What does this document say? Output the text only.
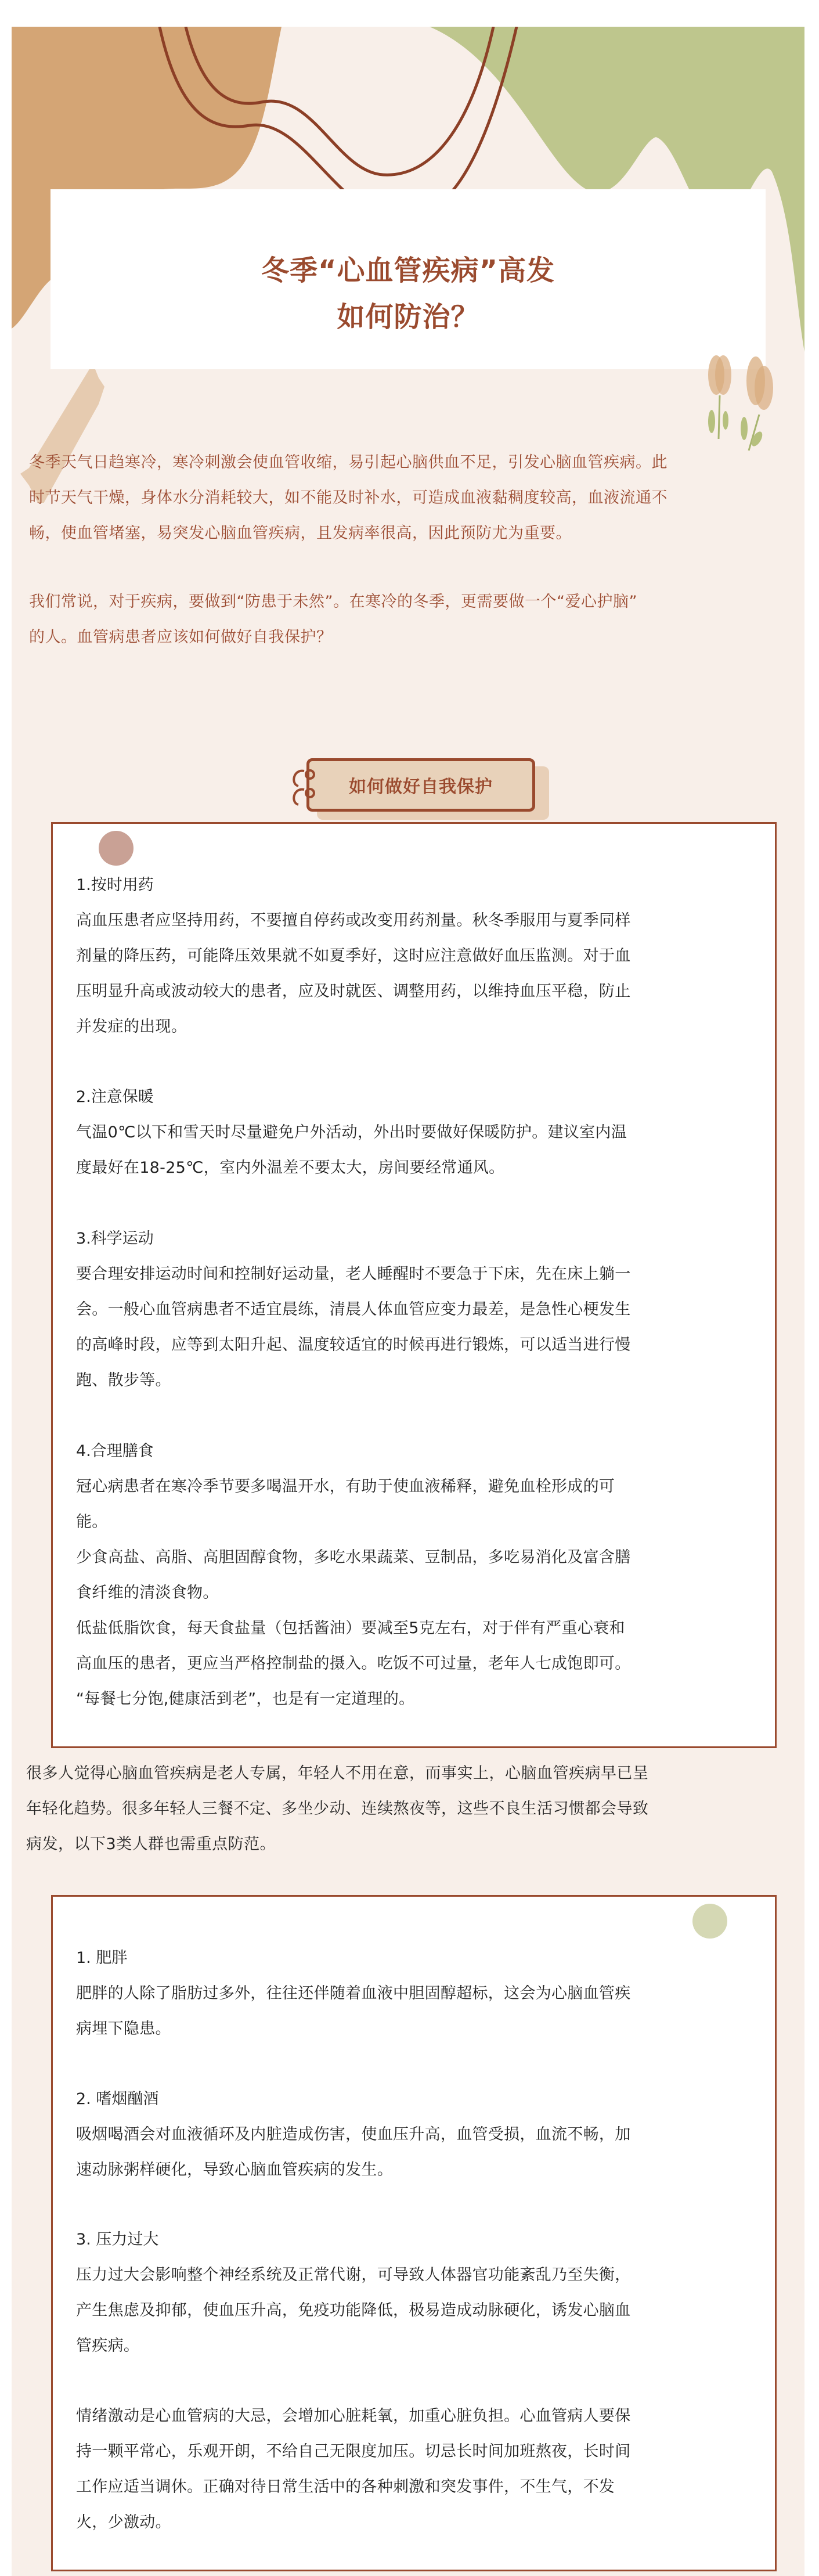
冬季“心血管疾病”高发
如何防治？
冬季天气日趋寒冷，寒冷刺激会使血管收缩，易引起心脑供血不足，引发心脑血管疾病。此
时节天气干燥，身体水分消耗较大，如不能及时补水，可造成血液黏稠度较高，血液流通不
畅，使血管堵塞，易突发心脑血管疾病，且发病率很高，因此预防尤为重要。
我们常说，对于疾病，要做到“防患于未然”。在寒冷的冬季，更需要做一个“爱心护脑”
的人。血管病患者应该如何做好自我保护？
如何做好自我保护
1.按时用药
高血压患者应坚持用药，不要擅自停药或改变用药剂量。秋冬季服用与夏季同样
剂量的降压药，可能降压效果就不如夏季好，这时应注意做好血压监测。对于血
压明显升高或波动较大的患者，应及时就医、调整用药，以维持血压平稳，防止
并发症的出现。
2.注意保暖
气温0℃以下和雪天时尽量避免户外活动，外出时要做好保暖防护。建议室内温
度最好在18-25℃，室内外温差不要太大，房间要经常通风。
3.科学运动
要合理安排运动时间和控制好运动量，老人睡醒时不要急于下床，先在床上躺一
会。一般心血管病患者不适宜晨练，清晨人体血管应变力最差，是急性心梗发生
的高峰时段，应等到太阳升起、温度较适宜的时候再进行锻炼，可以适当进行慢
跑、散步等。
4.合理膳食
冠心病患者在寒冷季节要多喝温开水，有助于使血液稀释，避免血栓形成的可
能。
少食高盐、高脂、高胆固醇食物，多吃水果蔬菜、豆制品，多吃易消化及富含膳
食纤维的清淡食物。
低盐低脂饮食，每天食盐量（包括酱油）要减至5克左右，对于伴有严重心衰和
高血压的患者，更应当严格控制盐的摄入。吃饭不可过量，老年人七成饱即可。
“每餐七分饱,健康活到老”，也是有一定道理的。
很多人觉得心脑血管疾病是老人专属，年轻人不用在意，而事实上，心脑血管疾病早已呈
年轻化趋势。很多年轻人三餐不定、多坐少动、连续熬夜等，这些不良生活习惯都会导致
病发，以下3类人群也需重点防范。
1. 肥胖
肥胖的人除了脂肪过多外，往往还伴随着血液中胆固醇超标，这会为心脑血管疾
病埋下隐患。
2. 嗜烟酗酒
吸烟喝酒会对血液循环及内脏造成伤害，使血压升高，血管受损，血流不畅，加
速动脉粥样硬化，导致心脑血管疾病的发生。
3. 压力过大
压力过大会影响整个神经系统及正常代谢，可导致人体器官功能紊乱乃至失衡，
产生焦虑及抑郁，使血压升高，免疫功能降低，极易造成动脉硬化，诱发心脑血
管疾病。
情绪激动是心血管病的大忌，会增加心脏耗氧，加重心脏负担。心血管病人要保
持一颗平常心，乐观开朗，不给自己无限度加压。切忌长时间加班熬夜，长时间
工作应适当调休。正确对待日常生活中的各种刺激和突发事件，不生气，不发
火，少激动。
